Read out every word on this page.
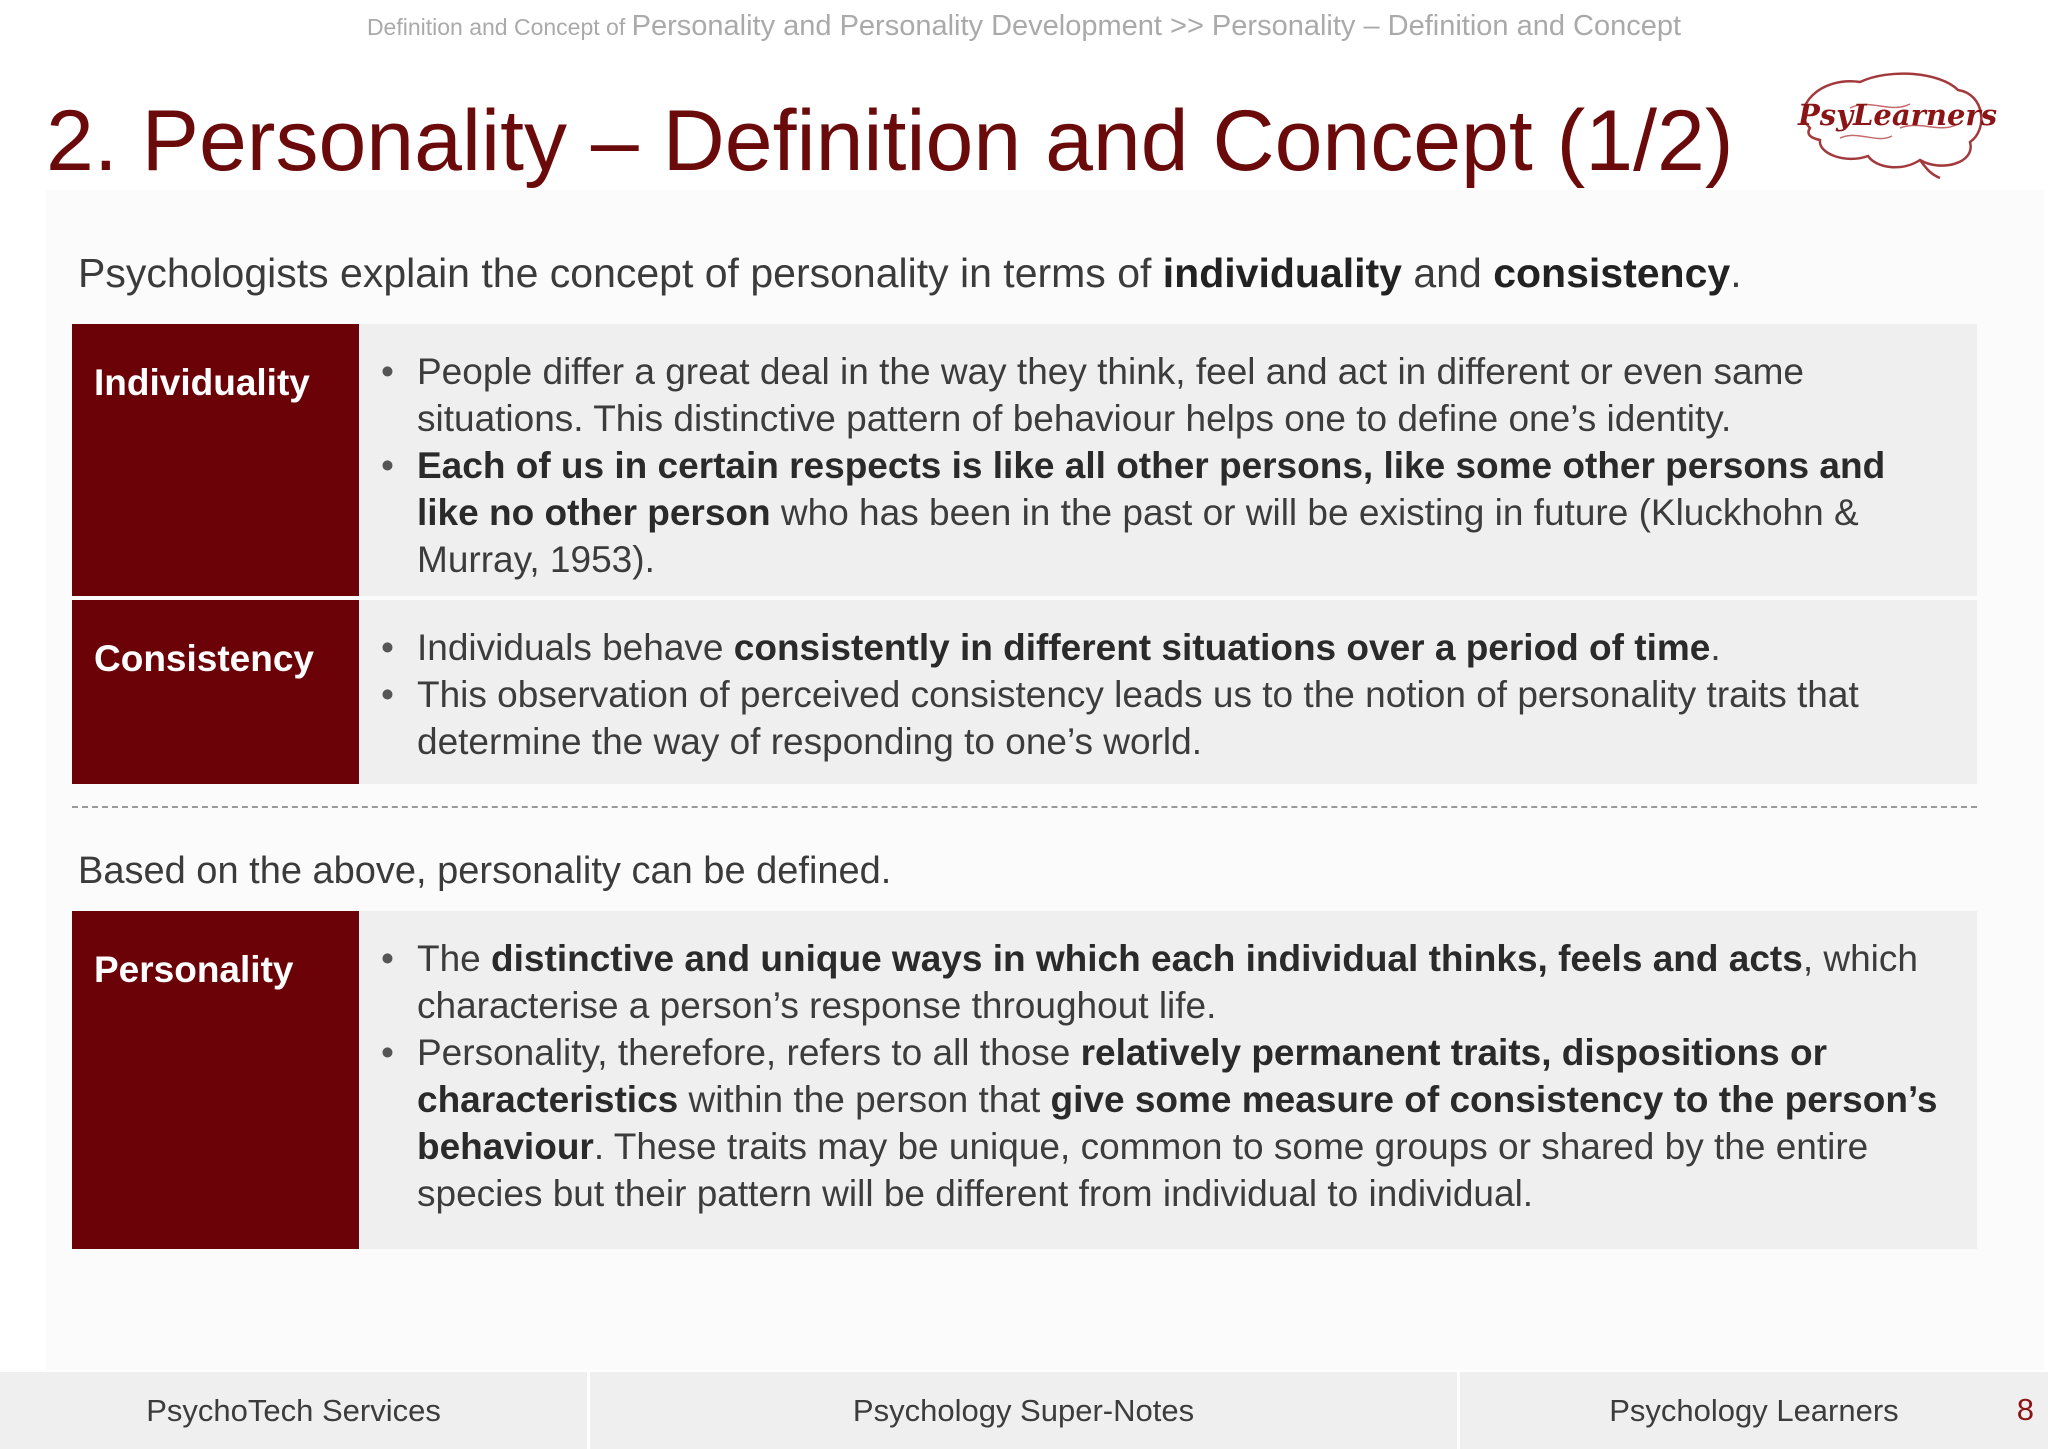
Definition and Concept of Personality and Personality Development >> Personality – Definition and Concept
2. Personality – Definition and Concept (1/2) PsyLearners
Psychologists explain the concept of personality in terms of individuality and consistency.
Individuality	• People differ a great deal in the way they think, feel and act in different or even same situations. This distinctive pattern of behaviour helps one to define one’s identity.
• Each of us in certain respects is like all other persons, like some other persons and like no other person who has been in the past or will be existing in future (Kluckhohn & Murray, 1953).
Consistency	• Individuals behave consistently in different situations over a period of time.
• This observation of perceived consistency leads us to the notion of personality traits that determine the way of responding to one’s world.
Based on the above, personality can be defined.
Personality	• The distinctive and unique ways in which each individual thinks, feels and acts, which characterise a person’s response throughout life.
• Personality, therefore, refers to all those relatively permanent traits, dispositions or characteristics within the person that give some measure of consistency to the person’s behaviour. These traits may be unique, common to some groups or shared by the entire species but their pattern will be different from individual to individual.
PsychoTech Services	Psychology Super-Notes	Psychology Learners	8
